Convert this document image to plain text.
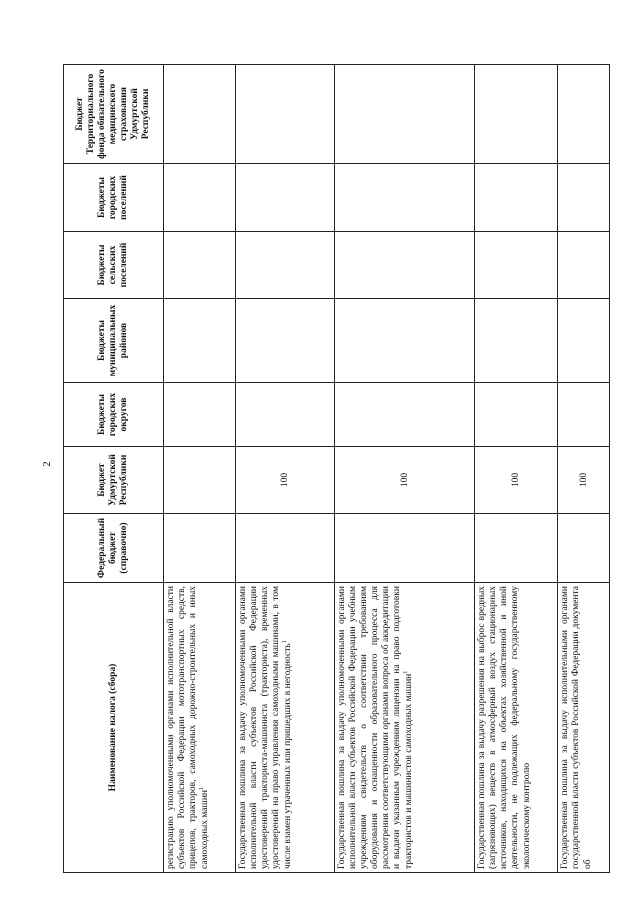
2
Наименование налога (сбора)	Федеральный бюджет (справочно)	Бюджет Удмуртской Республики	Бюджеты городских округов	Бюджеты муниципальных районов	Бюджеты сельских поселений	Бюджеты городских поселений	Бюджет Территориального фонда обязательного медицинского страхования Удмуртской Республики
регистрацию уполномоченными органами исполнительной власти субъектов Российской Федерации мототранспортных средств, прицепов, тракторов, самоходных дорожно-строительных и иных самоходных машин$^1$							
Государственная пошлина за выдачу уполномоченными органами исполнительной власти субъектов Российской Федерации удостоверений тракториста-машиниста (тракториста), временных удостоверений на право управления самоходными машинами, в том числе взамен утраченных или пришедших в негодность$^1$		100					
Государственная пошлина за выдачу уполномоченными органами исполнительной власти субъектов Российской Федерации учебным учреждениям свидетельств о соответствии требованиям оборудования и оснащенности образовательного процесса для рассмотрения соответствующими органами вопроса об аккредитации и выдачи указанным учреждениям лицензии на право подготовки трактористов и машинистов самоходных машин$^1$		100					
Государственная пошлина за выдачу разрешения на выброс вредных (загрязняющих) веществ в атмосферный воздух стационарных источников, находящихся на объектах хозяйственной и иной деятельности, не подлежащих федеральному государственному экологическому контролю		100					
Государственная пошлина за выдачу исполнительными органами государственной власти субъектов Российской Федерации документа об		100					
